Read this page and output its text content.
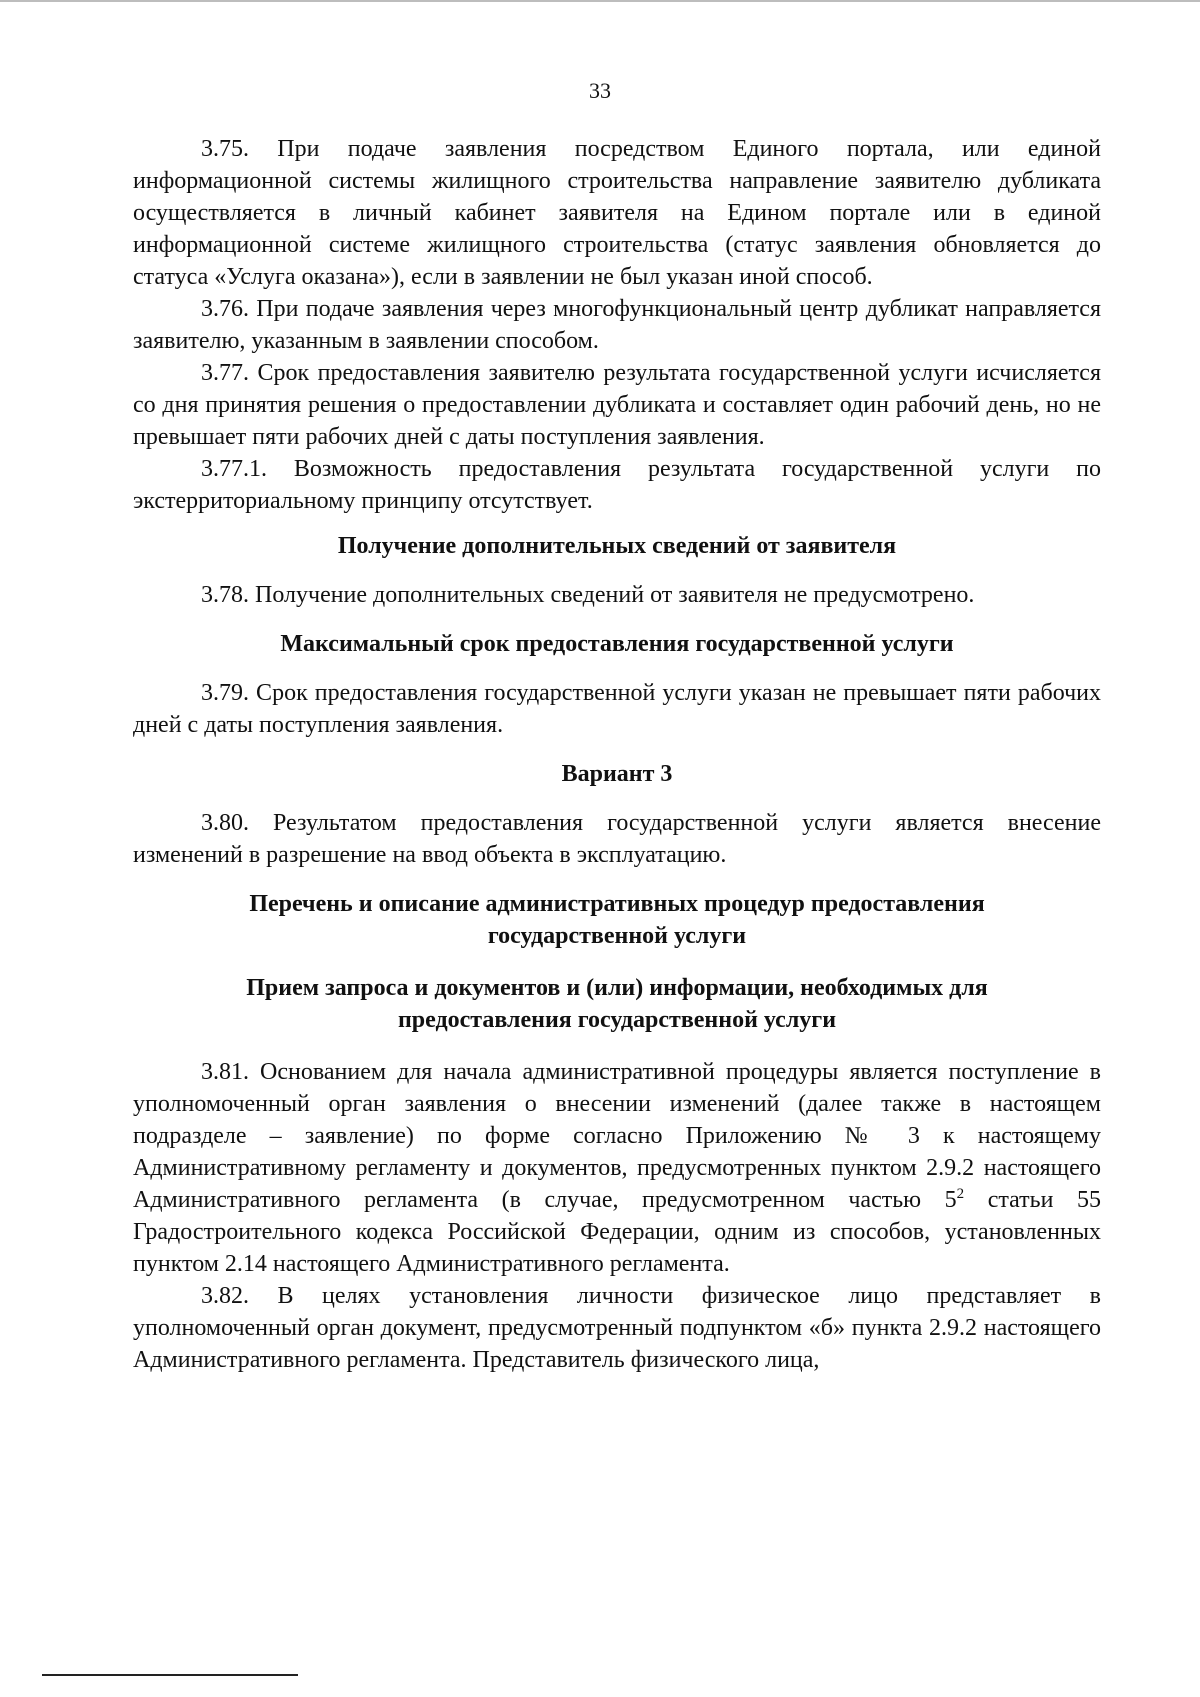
33

3.75. При подаче заявления посредством Единого портала, или единой информационной системы жилищного строительства направление заявителю дубликата осуществляется в личный кабинет заявителя на Едином портале или в единой информационной системе жилищного строительства (статус заявления обновляется до статуса «Услуга оказана»), если в заявлении не был указан иной способ.

3.76. При подаче заявления через многофункциональный центр дубликат направляется заявителю, указанным в заявлении способом.

3.77. Срок предоставления заявителю результата государственной услуги исчисляется со дня принятия решения о предоставлении дубликата и составляет один рабочий день, но не превышает пяти рабочих дней с даты поступления заявления.

3.77.1. Возможность предоставления результата государственной услуги по экстерриториальному принципу отсутствует.

Получение дополнительных сведений от заявителя

3.78. Получение дополнительных сведений от заявителя не предусмотрено.

Максимальный срок предоставления государственной услуги

3.79. Срок предоставления государственной услуги указан не превышает пяти рабочих дней с даты поступления заявления.

Вариант 3

3.80. Результатом предоставления государственной услуги является внесение изменений в разрешение на ввод объекта в эксплуатацию.

Перечень и описание административных процедур предоставления
государственной услуги
Прием запроса и документов и (или) информации, необходимых для
предоставления государственной услуги

3.81. Основанием для начала административной процедуры является поступление в уполномоченный орган заявления о внесении изменений (далее также в настоящем подразделе – заявление) по форме согласно Приложению № 3 к настоящему Административному регламенту и документов, предусмотренных пунктом 2.9.2 настоящего Административного регламента (в случае, предусмотренном частью $5^2$ статьи 55 Градостроительного кодекса Российской Федерации, одним из способов, установленных пунктом 2.14 настоящего Административного регламента.

3.82. В целях установления личности физическое лицо представляет в уполномоченный орган документ, предусмотренный подпунктом «б» пункта 2.9.2 настоящего Административного регламента. Представитель физического лица,
